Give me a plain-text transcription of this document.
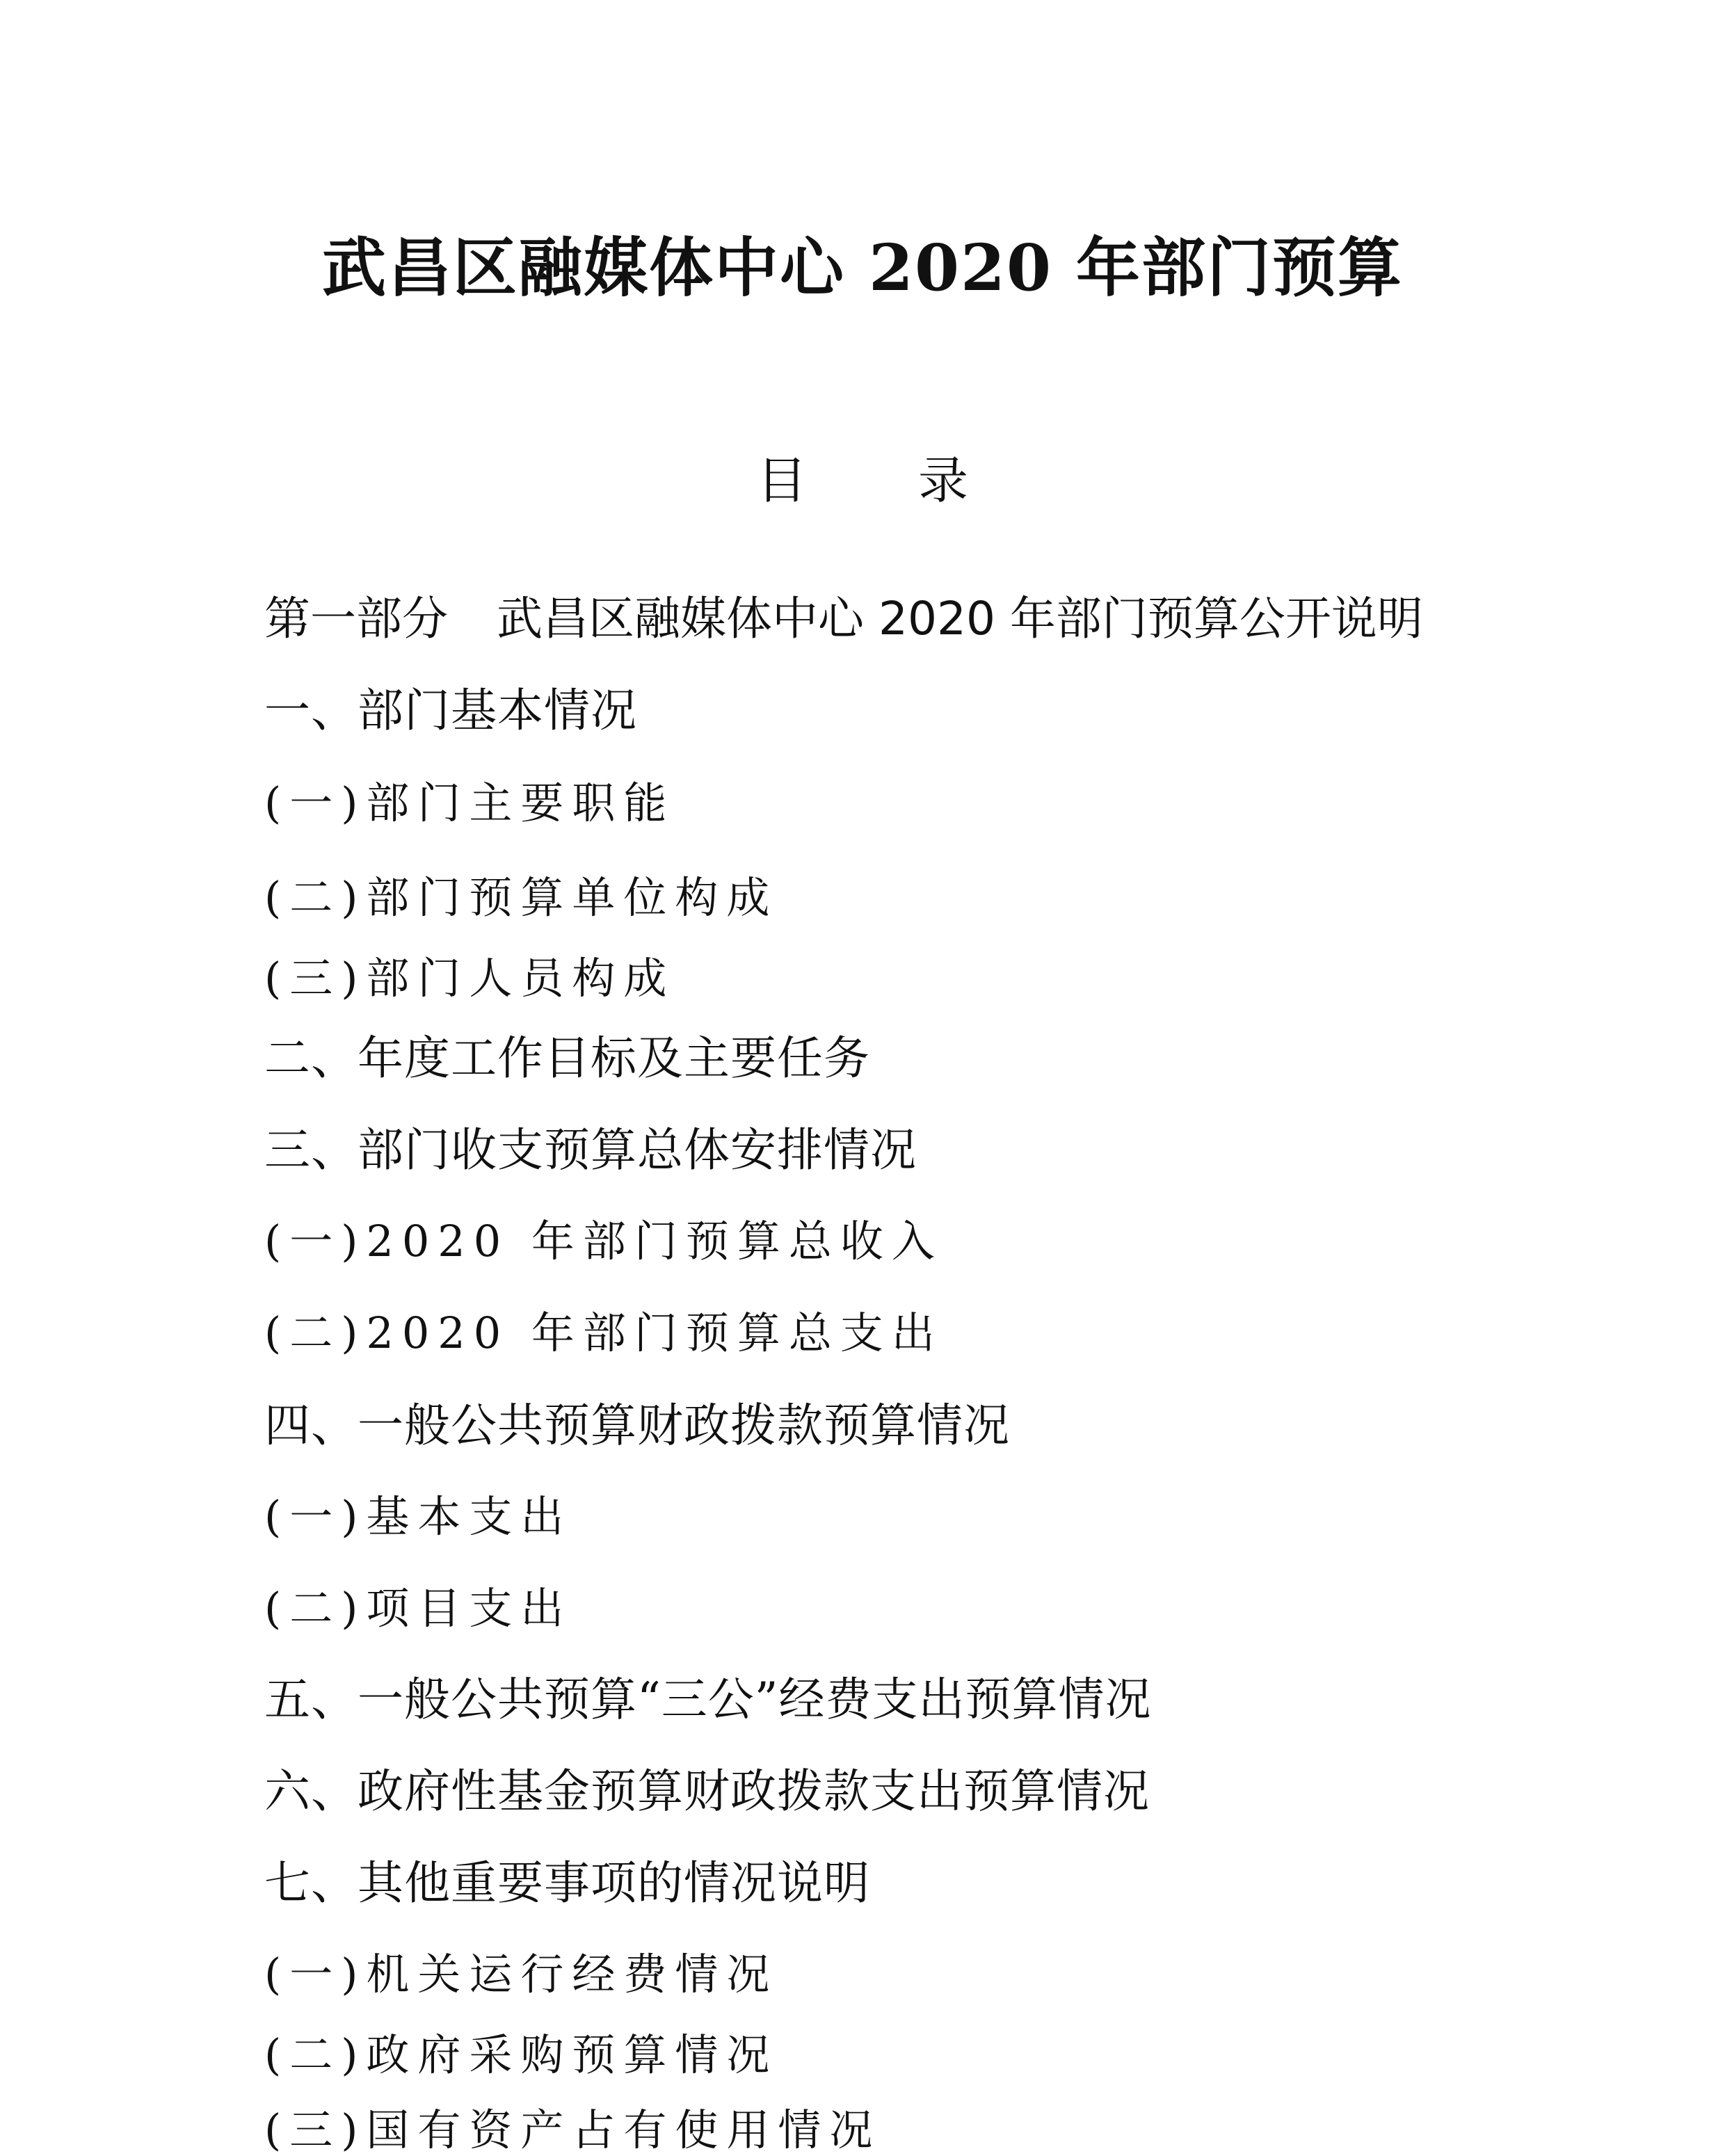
武昌区融媒体中心 2020 年部门预算
目录
第一部分 武昌区融媒体中心 2020 年部门预算公开说明
一、部门基本情况
(一)部门主要职能
(二)部门预算单位构成
(三)部门人员构成
二、年度工作目标及主要任务
三、部门收支预算总体安排情况
(一)2020 年部门预算总收入
(二)2020 年部门预算总支出
四、一般公共预算财政拨款预算情况
(一)基本支出
(二)项目支出
五、一般公共预算“三公”经费支出预算情况
六、政府性基金预算财政拨款支出预算情况
七、其他重要事项的情况说明
(一)机关运行经费情况
(二)政府采购预算情况
(三)国有资产占有使用情况
